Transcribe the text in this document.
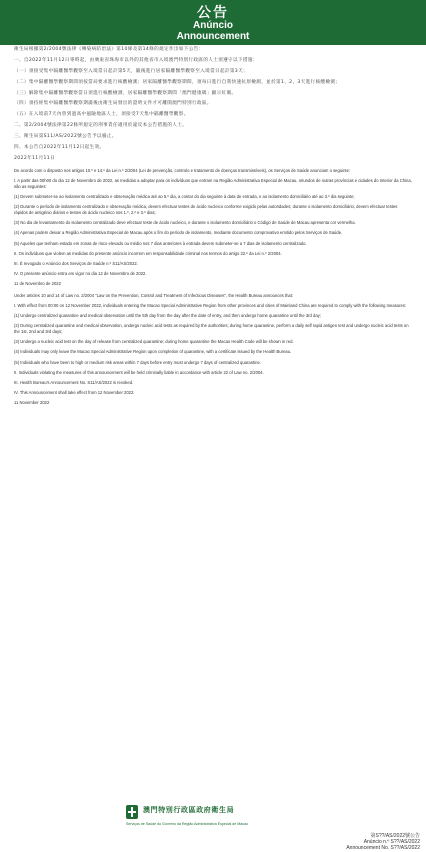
公告
Anúncio
Announcement

衛生局根據第2/2004號法律《傳染病防治法》第10條及第14條的規定作出如下公告：

一、自2022年11月12日零時起，由廣東省珠海市以外的其他省市入境澳門特別行政區的人士須遵守以下措施：

（一）須接受集中隔離醫學觀察至入境當日起計第5天，隨後進行居家隔離醫學觀察至入境當日起計第3天；

（二）集中隔離醫學觀察期間須按當局要求進行核酸檢測；居家隔離醫學觀察期間，須每日進行自我快速抗原檢測，並於第1、2、3天進行核酸檢測；

（三）解除集中隔離醫學觀察當日須進行核酸檢測，居家隔離醫學觀察期間「澳門健康碼」顯示紅碼。

（四）須持經集中隔離醫學觀察期滿後由衛生局發出的證明文件才可離開澳門特別行政區。

（五）在入境前7天內曾到過高中風險地區人士，須接受7天集中隔離醫學觀察。

二、第2/2004號法律第22條所規定的刑事責任適用於違反本公告措施的人士。

三、衛生局第S11/AS/2022號公告予以廢止。

四、本公告自2022年11月12日起生效。

2022年11月11日

De acordo com o disposto nos artigos 10.º e 14.º da Lei n.º 2/2004 (Lei de prevenção, controlo e tratamento de doenças transmissíveis), os Serviços de Saúde anunciam o seguinte:

I. A partir das 00h00 do dia 12 de Novembro de 2022, as medidas a adoptar para os indivíduos que entram na Região Administrativa Especial de Macau, oriundos de outras províncias e cidades do Interior da China, são as seguintes:

(1) Devem submeter-se ao isolamento centralizado e observação médica até ao 5.º dia, a contar do dia seguinte à data de entrada, e ao isolamento domiciliário até ao 3.º dia seguinte;

(2) Durante o período de isolamento centralizado e observação médica, devem efectuar testes de ácido nucleico conforme exigido pelas autoridades; durante o isolamento domiciliário, devem efectuar testes rápidos de antigénio diários e testes de ácido nucleico nos 1.º, 2.º e 3.º dias;

(3) No dia de levantamento do isolamento centralizado deve efectuar teste de ácido nucleico, e durante o isolamento domiciliário o Código de Saúde de Macau apresenta cor vermelha.

(4) Apenas podem deixar a Região Administrativa Especial de Macau após o fim do período de isolamento, mediante documento comprovativo emitido pelos Serviços de Saúde.

(5) Aqueles que tenham estado em zonas de risco elevado ou médio nos 7 dias anteriores à entrada devem submeter-se a 7 dias de isolamento centralizado.

II. Os indivíduos que violem as medidas do presente anúncio incorrem em responsabilidade criminal nos termos do artigo 22.º da Lei n.º 2/2004.

III. É revogado o Anúncio dos Serviços de Saúde n.º S11/AS/2022.

IV. O presente anúncio entra em vigor no dia 12 de Novembro de 2022.

11 de Novembro de 2022

Under articles 10 and 14 of Law no. 2/2004 "Law on the Prevention, Control and Treatment of Infectious Diseases", the Health Bureau announces that:

I. With effect from 00:00 on 12 November 2022, individuals entering the Macao Special Administrative Region from other provinces and cities of Mainland China are required to comply with the following measures:

(1) Undergo centralized quarantine and medical observation until the 5th day from the day after the date of entry, and then undergo home quarantine until the 3rd day;

(2) During centralized quarantine and medical observation, undergo nucleic acid tests as required by the authorities; during home quarantine, perform a daily self rapid antigen test and undergo nucleic acid tests on the 1st, 2nd and 3rd days;

(3) Undergo a nucleic acid test on the day of release from centralized quarantine; during home quarantine the Macao Health Code will be shown in red.

(4) Individuals may only leave the Macao Special Administrative Region upon completion of quarantine, with a certificate issued by the Health Bureau.

(5) Individuals who have been to high or medium risk areas within 7 days before entry must undergo 7 days of centralized quarantine.

II. Individuals violating the measures of this announcement will be held criminally liable in accordance with article 22 of Law no. 2/2004.

III. Health Bureau's Announcement No. S11/AS/2022 is revoked.

IV. This Announcement shall take effect from 12 November 2022.

11 November 2022

澳門特別行政區政府衛生局
Serviços de Saúde do Governo da Região Administrativa Especial de Macau
第S??/AS/2022號公告
Anúncio n.º S??/AS/2022
Announcement No. S??/AS/2022
